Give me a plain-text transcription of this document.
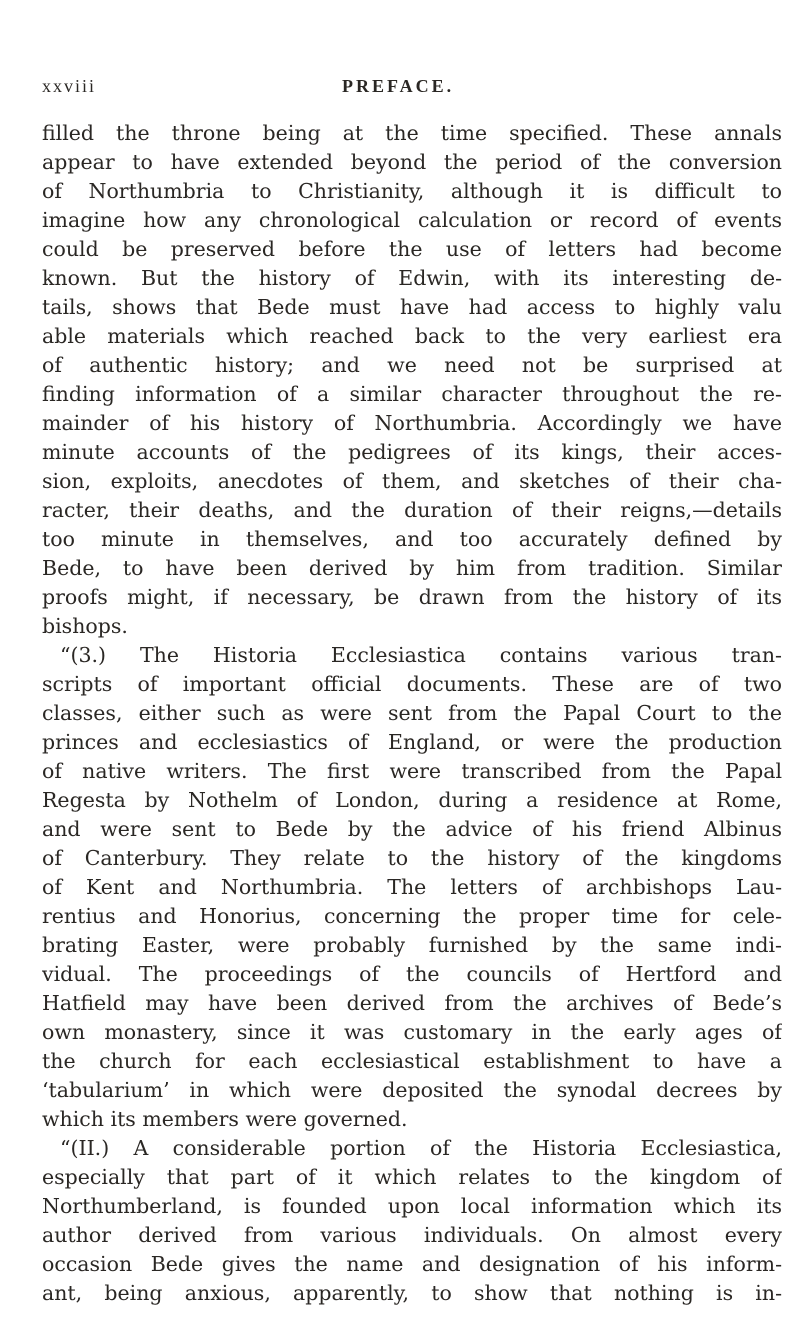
xxviii	PREFACE.
filled the throne being at the time specified. These annals
appear to have extended beyond the period of the conversion
of Northumbria to Christianity, although it is difficult to
imagine how any chronological calculation or record of events
could be preserved before the use of letters had become
known. But the history of Edwin, with its interesting de-
tails, shows that Bede must have had access to highly valu
able materials which reached back to the very earliest era
of authentic history; and we need not be surprised at
finding information of a similar character throughout the re-
mainder of his history of Northumbria. Accordingly we have
minute accounts of the pedigrees of its kings, their acces-
sion, exploits, anecdotes of them, and sketches of their cha-
racter, their deaths, and the duration of their reigns,—details
too minute in themselves, and too accurately defined by
Bede, to have been derived by him from tradition. Similar
proofs might, if necessary, be drawn from the history of its
bishops.
“(3.) The Historia Ecclesiastica contains various tran-
scripts of important official documents. These are of two
classes, either such as were sent from the Papal Court to the
princes and ecclesiastics of England, or were the production
of native writers. The first were transcribed from the Papal
Regesta by Nothelm of London, during a residence at Rome,
and were sent to Bede by the advice of his friend Albinus
of Canterbury. They relate to the history of the kingdoms
of Kent and Northumbria. The letters of archbishops Lau-
rentius and Honorius, concerning the proper time for cele-
brating Easter, were probably furnished by the same indi-
vidual. The proceedings of the councils of Hertford and
Hatfield may have been derived from the archives of Bede’s
own monastery, since it was customary in the early ages of
the church for each ecclesiastical establishment to have a
‘tabularium’ in which were deposited the synodal decrees by
which its members were governed.
“(II.) A considerable portion of the Historia Ecclesiastica,
especially that part of it which relates to the kingdom of
Northumberland, is founded upon local information which its
author derived from various individuals. On almost every
occasion Bede gives the name and designation of his inform-
ant, being anxious, apparently, to show that nothing is in-
